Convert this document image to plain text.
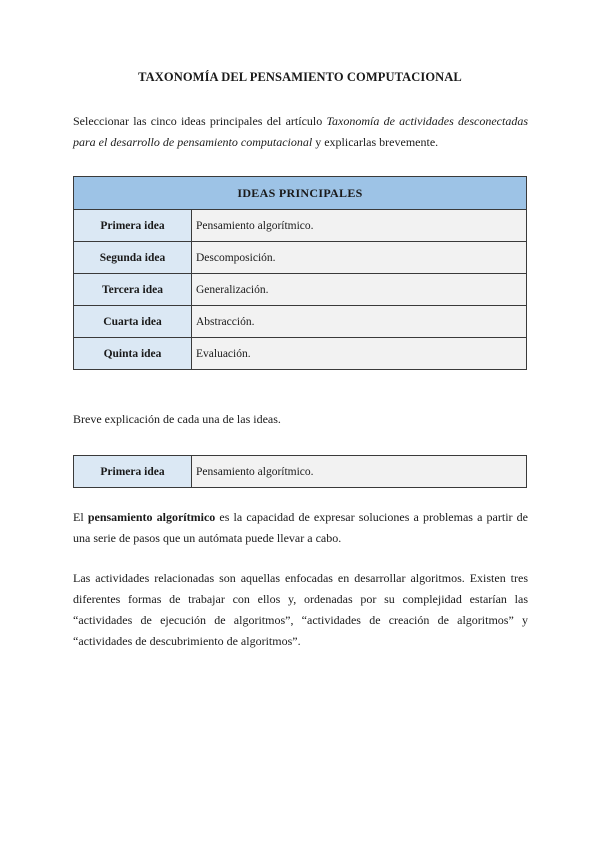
TAXONOMÍA DEL PENSAMIENTO COMPUTACIONAL
Seleccionar las cinco ideas principales del artículo Taxonomía de actividades desconectadas para el desarrollo de pensamiento computacional y explicarlas brevemente.
IDEAS PRINCIPALES	
Primera idea	Pensamiento algorítmico.
Segunda idea	Descomposición.
Tercera idea	Generalización.
Cuarta idea	Abstracción.
Quinta idea	Evaluación.
Breve explicación de cada una de las ideas.
Primera idea	Pensamiento algorítmico.
El pensamiento algorítmico es la capacidad de expresar soluciones a problemas a partir de una serie de pasos que un autómata puede llevar a cabo.
Las actividades relacionadas son aquellas enfocadas en desarrollar algoritmos. Existen tres diferentes formas de trabajar con ellos y, ordenadas por su complejidad estarían las “actividades de ejecución de algoritmos”, “actividades de creación de algoritmos” y “actividades de descubrimiento de algoritmos”.
